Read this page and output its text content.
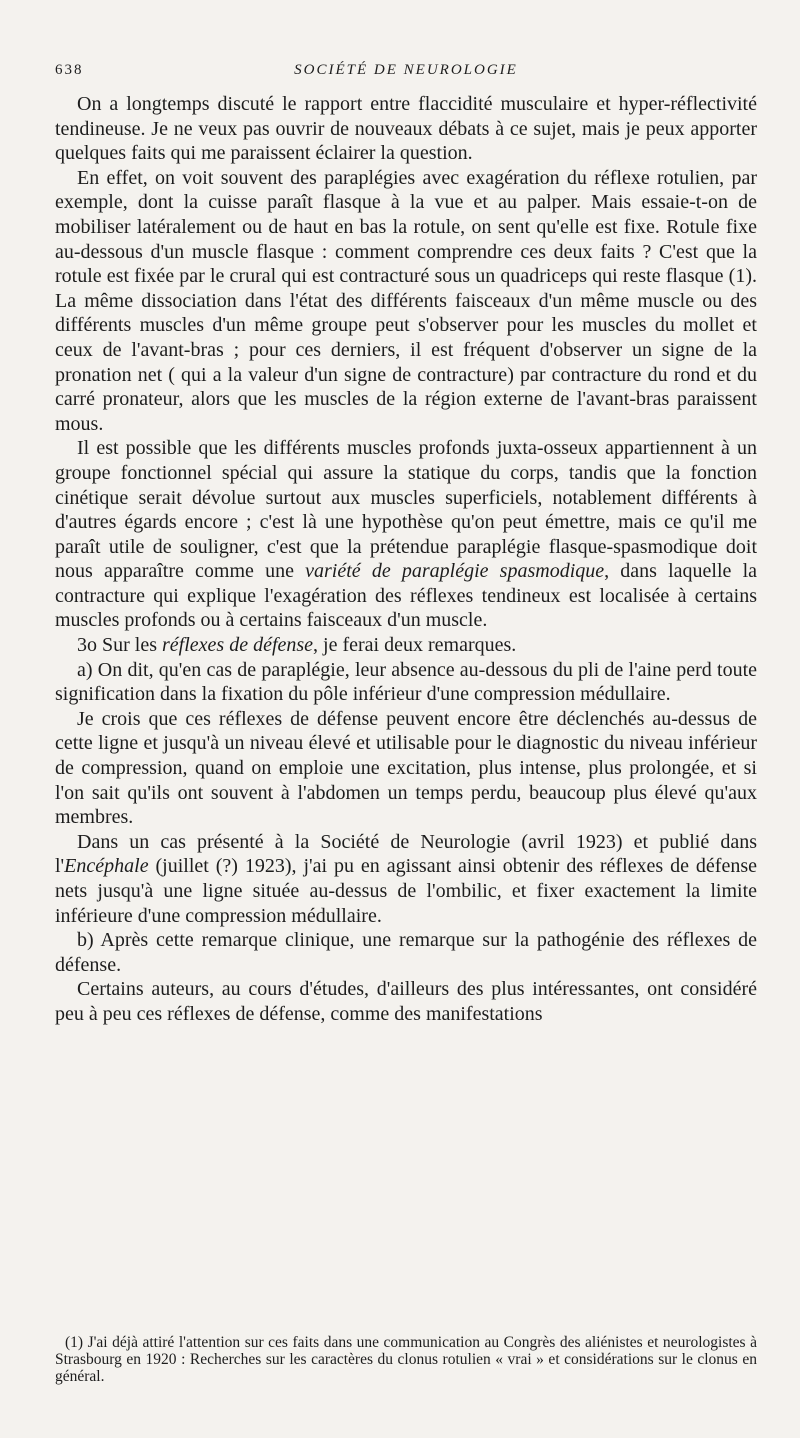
638	SOCIÉTÉ DE NEUROLOGIE

On a longtemps discuté le rapport entre flaccidité musculaire et hyper-réflectivité tendineuse. Je ne veux pas ouvrir de nouveaux débats à ce sujet, mais je peux apporter quelques faits qui me paraissent éclairer la question.

En effet, on voit souvent des paraplégies avec exagération du réflexe rotulien, par exemple, dont la cuisse paraît flasque à la vue et au palper. Mais essaie-t-on de mobiliser latéralement ou de haut en bas la rotule, on sent qu'elle est fixe. Rotule fixe au-dessous d'un muscle flasque : comment comprendre ces deux faits ? C'est que la rotule est fixée par le crural qui est contracturé sous un quadriceps qui reste flasque (1). La même dissociation dans l'état des différents faisceaux d'un même muscle ou des différents muscles d'un même groupe peut s'observer pour les muscles du mollet et ceux de l'avant-bras ; pour ces derniers, il est fréquent d'observer un signe de la pronation net ( qui a la valeur d'un signe de contracture) par contracture du rond et du carré pronateur, alors que les muscles de la région externe de l'avant-bras paraissent mous.

Il est possible que les différents muscles profonds juxta-osseux appartiennent à un groupe fonctionnel spécial qui assure la statique du corps, tandis que la fonction cinétique serait dévolue surtout aux muscles superficiels, notablement différents à d'autres égards encore ; c'est là une hypothèse qu'on peut émettre, mais ce qu'il me paraît utile de souligner, c'est que la prétendue paraplégie flasque-spasmodique doit nous apparaître comme une variété de paraplégie spasmodique, dans laquelle la contracture qui explique l'exagération des réflexes tendineux est localisée à certains muscles profonds ou à certains faisceaux d'un muscle.

3o Sur les réflexes de défense, je ferai deux remarques.

a) On dit, qu'en cas de paraplégie, leur absence au-dessous du pli de l'aine perd toute signification dans la fixation du pôle inférieur d'une compression médullaire.

Je crois que ces réflexes de défense peuvent encore être déclenchés au-dessus de cette ligne et jusqu'à un niveau élevé et utilisable pour le diagnostic du niveau inférieur de compression, quand on emploie une excitation, plus intense, plus prolongée, et si l'on sait qu'ils ont souvent à l'abdomen un temps perdu, beaucoup plus élevé qu'aux membres.

Dans un cas présenté à la Société de Neurologie (avril 1923) et publié dans l'Encéphale (juillet (?) 1923), j'ai pu en agissant ainsi obtenir des réflexes de défense nets jusqu'à une ligne située au-dessus de l'ombilic, et fixer exactement la limite inférieure d'une compression médullaire.

b) Après cette remarque clinique, une remarque sur la pathogénie des réflexes de défense.

Certains auteurs, au cours d'études, d'ailleurs des plus intéressantes, ont considéré peu à peu ces réflexes de défense, comme des manifestations

(1) J'ai déjà attiré l'attention sur ces faits dans une communication au Congrès des aliénistes et neurologistes à Strasbourg en 1920 : Recherches sur les caractères du clonus rotulien « vrai » et considérations sur le clonus en général.
